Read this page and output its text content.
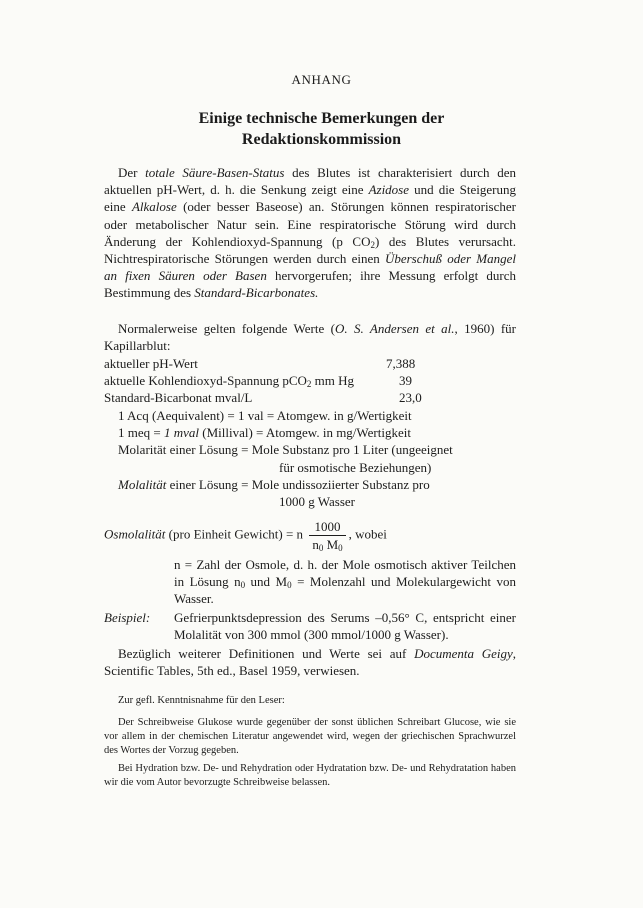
ANHANG
Einige technische Bemerkungen der
Redaktionskommission
Der totale Säure-Basen-Status des Blutes ist charakterisiert durch den aktuellen pH-Wert, d. h. die Senkung zeigt eine Azidose und die Steigerung eine Alkalose (oder besser Baseose) an. Störungen können respiratorischer oder metabolischer Natur sein. Eine respiratorische Störung wird durch Änderung der Kohlendioxyd-Spannung (p $CO_2$) des Blutes verursacht. Nichtrespiratorische Störungen werden durch einen Überschuß oder Mangel an fixen Säuren oder Basen hervorgerufen; ihre Messung erfolgt durch Bestimmung des Standard-Bicarbonates.
Normalerweise gelten folgende Werte (O. S. Andersen et al., 1960) für Kapillarblut:
aktueller pH-Wert	7,388
aktuelle Kohlendioxyd-Spannung pCO$_2$ mm Hg	39
Standard-Bicarbonat mval/L	23,0
1 Acq (Aequivalent) = 1 val = Atomgew. in g/Wertigkeit
1 meq = 1 mval (Millival) = Atomgew. in mg/Wertigkeit
Molarität einer Lösung = Mole Substanz pro 1 Liter (ungeeignet
für osmotische Beziehungen)
Molalität einer Lösung = Mole undissoziierter Substanz pro
1000 g Wasser
Osmolalität (pro Einheit Gewicht) = n $\frac{1000}{n_0 M_0}$ , wobei
n = Zahl der Osmole, d. h. der Mole osmotisch aktiver Teilchen in Lösung $n_0$ und $M_0$ = Molenzahl und Molekulargewicht von Wasser.
Beispiel:	Gefrierpunktsdepression des Serums –0,56° C, entspricht einer Molalität von 300 mmol (300 mmol/1000 g Wasser).
Bezüglich weiterer Definitionen und Werte sei auf Documenta Geigy, Scientific Tables, 5th ed., Basel 1959, verwiesen.
Zur gefl. Kenntnisnahme für den Leser:
Der Schreibweise Glukose wurde gegenüber der sonst üblichen Schreibart Glucose, wie sie vor allem in der chemischen Literatur angewendet wird, wegen der griechischen Sprachwurzel des Wortes der Vorzug gegeben.
Bei Hydration bzw. De- und Rehydration oder Hydratation bzw. De- und Rehydratation haben wir die vom Autor bevorzugte Schreibweise belassen.
